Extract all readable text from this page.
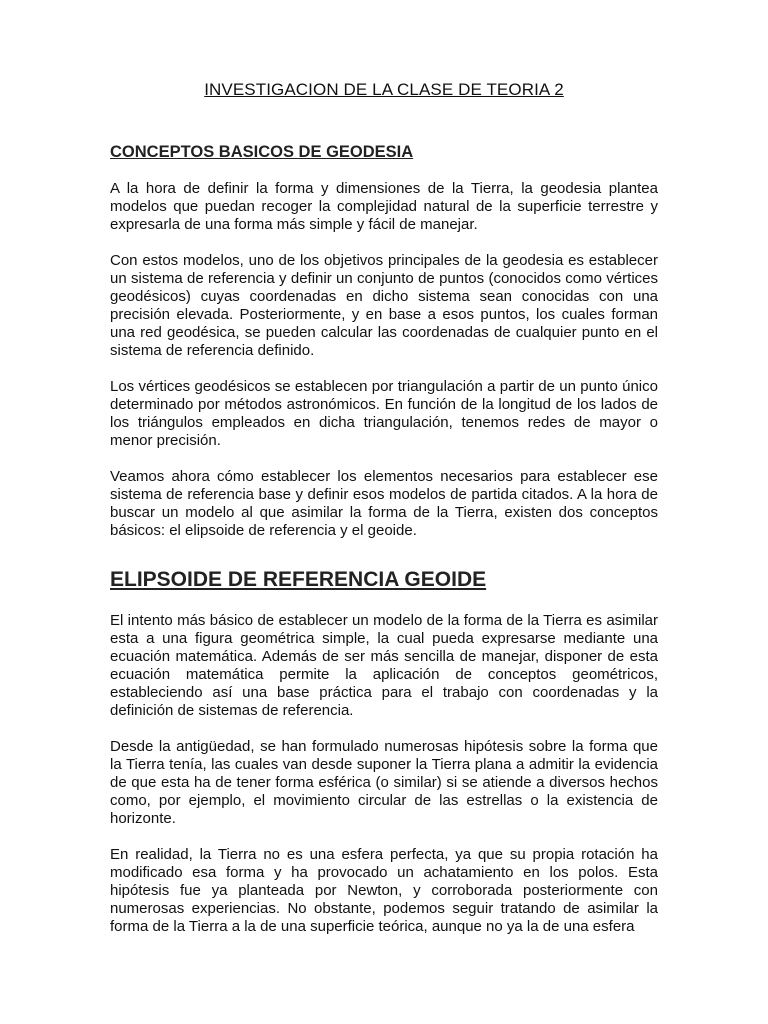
INVESTIGACION DE LA CLASE DE TEORIA 2
CONCEPTOS BASICOS DE GEODESIA

A la hora de definir la forma y dimensiones de la Tierra, la geodesia plantea modelos que puedan recoger la complejidad natural de la superficie terrestre y expresarla de una forma más simple y fácil de manejar.

Con estos modelos, uno de los objetivos principales de la geodesia es establecer un sistema de referencia y definir un conjunto de puntos (conocidos como vértices geodésicos) cuyas coordenadas en dicho sistema sean conocidas con una precisión elevada. Posteriormente, y en base a esos puntos, los cuales forman una red geodésica, se pueden calcular las coordenadas de cualquier punto en el sistema de referencia definido.

Los vértices geodésicos se establecen por triangulación a partir de un punto único determinado por métodos astronómicos. En función de la longitud de los lados de los triángulos empleados en dicha triangulación, tenemos redes de mayor o menor precisión.

Veamos ahora cómo establecer los elementos necesarios para establecer ese sistema de referencia base y definir esos modelos de partida citados. A la hora de buscar un modelo al que asimilar la forma de la Tierra, existen dos conceptos básicos: el elipsoide de referencia y el geoide.

ELIPSOIDE DE REFERENCIA GEOIDE

El intento más básico de establecer un modelo de la forma de la Tierra es asimilar esta a una figura geométrica simple, la cual pueda expresarse mediante una ecuación matemática. Además de ser más sencilla de manejar, disponer de esta ecuación matemática permite la aplicación de conceptos geométricos, estableciendo así una base práctica para el trabajo con coordenadas y la definición de sistemas de referencia.

Desde la antigüedad, se han formulado numerosas hipótesis sobre la forma que la Tierra tenía, las cuales van desde suponer la Tierra plana a admitir la evidencia de que esta ha de tener forma esférica (o similar) si se atiende a diversos hechos como, por ejemplo, el movimiento circular de las estrellas o la existencia de horizonte.

En realidad, la Tierra no es una esfera perfecta, ya que su propia rotación ha modificado esa forma y ha provocado un achatamiento en los polos. Esta hipótesis fue ya planteada por Newton, y corroborada posteriormente con numerosas experiencias. No obstante, podemos seguir tratando de asimilar la forma de la Tierra a la de una superficie teórica, aunque no ya la de una esfera
